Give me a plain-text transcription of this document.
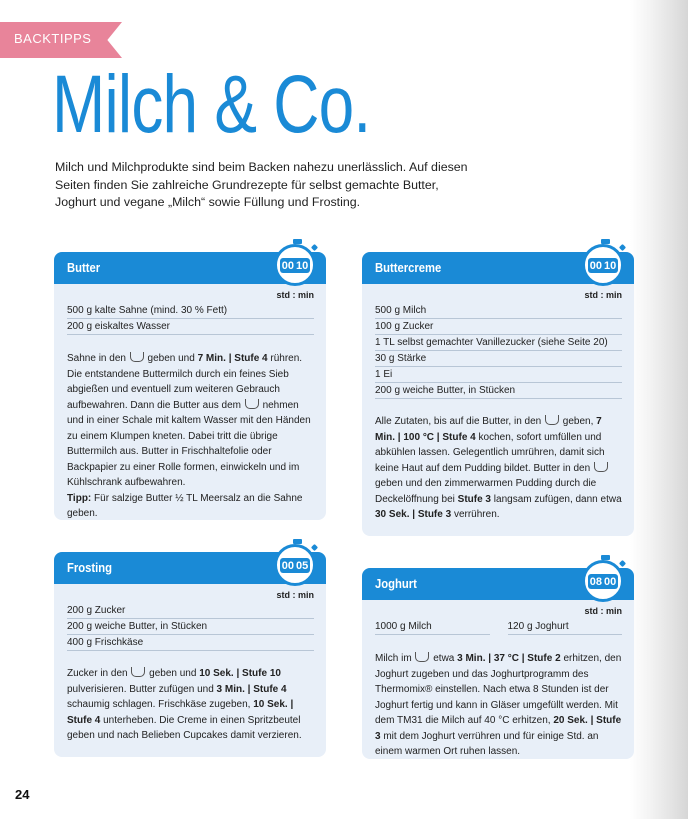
BACKTIPPS
Milch & Co.
Milch und Milchprodukte sind beim Backen nahezu unerlässlich. Auf diesen Seiten finden Sie zahlreiche Grundrezepte für selbst gemachte Butter, Joghurt und vegane „Milch“ sowie Füllung und Frosting.
Butter	00 10
std : min
500 g kalte Sahne (mind. 30 % Fett)
200 g eiskaltes Wasser
Sahne in den geben und 7 Min. | Stufe 4 rühren. Die entstandene Buttermilch durch ein feines Sieb abgießen und eventuell zum weiteren Gebrauch aufbewahren. Dann die Butter aus dem nehmen und in einer Schale mit kaltem Wasser mit den Händen zu einem Klumpen kneten. Dabei tritt die übrige Buttermilch aus. Butter in Frischhaltefolie oder Backpapier zu einer Rolle formen, einwickeln und im Kühlschrank aufbewahren.
Tipp: Für salzige Butter ½ TL Meersalz an die Sahne geben.
Buttercreme	00 10
std : min
500 g Milch
100 g Zucker
1 TL selbst gemachter Vanillezucker (siehe Seite 20)
30 g Stärke
1 Ei
200 g weiche Butter, in Stücken
Alle Zutaten, bis auf die Butter, in den geben, 7 Min. | 100 °C | Stufe 4 kochen, sofort umfüllen und abkühlen lassen. Gelegentlich umrühren, damit sich keine Haut auf dem Pudding bildet. Butter in den  geben und den zimmerwarmen Pudding durch die Deckelöffnung bei Stufe 3 langsam zufügen, dann etwa 30 Sek. | Stufe 3 verrühren.
Frosting	00 05
std : min
200 g Zucker
200 g weiche Butter, in Stücken
400 g Frischkäse
Zucker in den geben und 10 Sek. | Stufe 10 pulverisieren. Butter zufügen und 3 Min. | Stufe 4 schaumig schlagen. Frischkäse zugeben, 10 Sek. | Stufe 4 unterheben. Die Creme in einen Spritzbeutel geben und nach Belieben Cupcakes damit verzieren.
Joghurt	08 00
std : min
1000 g Milch	120 g Joghurt
Milch im etwa 3 Min. | 37 °C | Stufe 2 erhitzen, den Joghurt zugeben und das Joghurtprogramm des Thermomix® einstellen. Nach etwa 8 Stunden ist der Joghurt fertig und kann in Gläser umgefüllt werden. Mit dem TM31 die Milch auf 40 °C erhitzen, 20 Sek. | Stufe 3 mit dem Joghurt verrühren und für einige Std. an einem warmen Ort ruhen lassen.
24
